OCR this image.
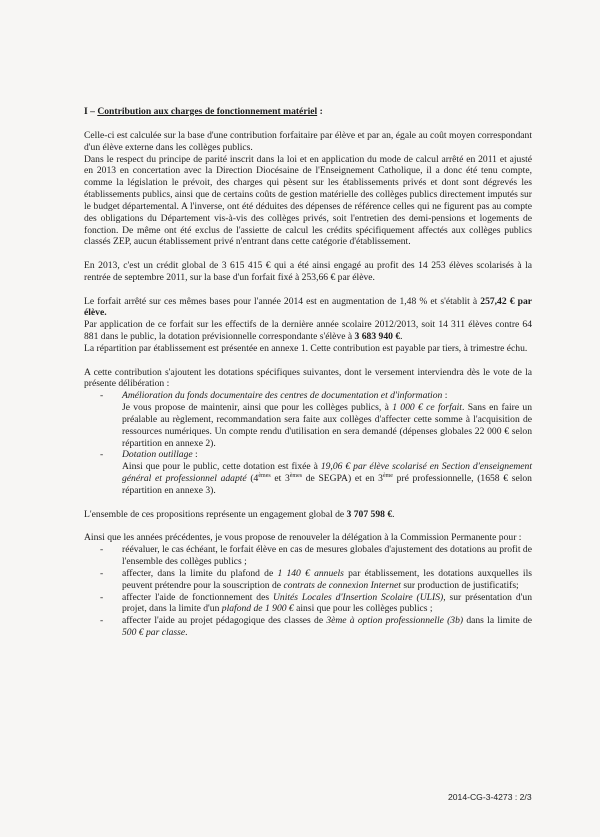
I – Contribution aux charges de fonctionnement matériel :

Celle-ci est calculée sur la base d'une contribution forfaitaire par élève et par an, égale au coût moyen correspondant d'un élève externe dans les collèges publics.

Dans le respect du principe de parité inscrit dans la loi et en application du mode de calcul arrêté en 2011 et ajusté en 2013 en concertation avec la Direction Diocésaine de l'Enseignement Catholique, il a donc été tenu compte, comme la législation le prévoit, des charges qui pèsent sur les établissements privés et dont sont dégrevés les établissements publics, ainsi que de certains coûts de gestion matérielle des collèges publics directement imputés sur le budget départemental. A l'inverse, ont été déduites des dépenses de référence celles qui ne figurent pas au compte des obligations du Département vis-à-vis des collèges privés, soit l'entretien des demi-pensions et logements de fonction. De même ont été exclus de l'assiette de calcul les crédits spécifiquement affectés aux collèges publics classés ZEP, aucun établissement privé n'entrant dans cette catégorie d'établissement.

En 2013, c'est un crédit global de 3 615 415 € qui a été ainsi engagé au profit des 14 253 élèves scolarisés à la rentrée de septembre 2011, sur la base d'un forfait fixé à 253,66 € par élève.

Le forfait arrêté sur ces mêmes bases pour l'année 2014 est en augmentation de 1,48 % et s'établit à 257,42 € par élève.

Par application de ce forfait sur les effectifs de la dernière année scolaire 2012/2013, soit 14 311 élèves contre 64 881 dans le public, la dotation prévisionnelle correspondante s'élève à 3 683 940 €.

La répartition par établissement est présentée en annexe 1. Cette contribution est payable par tiers, à trimestre échu.

A cette contribution s'ajoutent les dotations spécifiques suivantes, dont le versement interviendra dès le vote de la présente délibération :

- Amélioration du fonds documentaire des centres de documentation et d'information :

Je vous propose de maintenir, ainsi que pour les collèges publics, à 1 000 € ce forfait. Sans en faire un préalable au règlement, recommandation sera faite aux collèges d'affecter cette somme à l'acquisition de ressources numériques. Un compte rendu d'utilisation en sera demandé (dépenses globales 22 000 € selon répartition en annexe 2).

- Dotation outillage :

Ainsi que pour le public, cette dotation est fixée à 19,06 € par élève scolarisé en Section d'enseignement général et professionnel adapté (4èmes et 3èmes de SEGPA) et en 3ème pré professionnelle, (1658 € selon répartition en annexe 3).

L'ensemble de ces propositions représente un engagement global de 3 707 598 €.

Ainsi que les années précédentes, je vous propose de renouveler la délégation à la Commission Permanente pour :

- réévaluer, le cas échéant, le forfait élève en cas de mesures globales d'ajustement des dotations au profit de l'ensemble des collèges publics ;
- affecter, dans la limite du plafond de 1 140 € annuels par établissement, les dotations auxquelles ils peuvent prétendre pour la souscription de contrats de connexion Internet sur production de justificatifs;
- affecter l'aide de fonctionnement des Unités Locales d'Insertion Scolaire (ULIS), sur présentation d'un projet, dans la limite d'un plafond de 1 900 € ainsi que pour les collèges publics ;
- affecter l'aide au projet pédagogique des classes de 3ème à option professionnelle (3b) dans la limite de 500 € par classe.
2014-CG-3-4273 : 2/3
